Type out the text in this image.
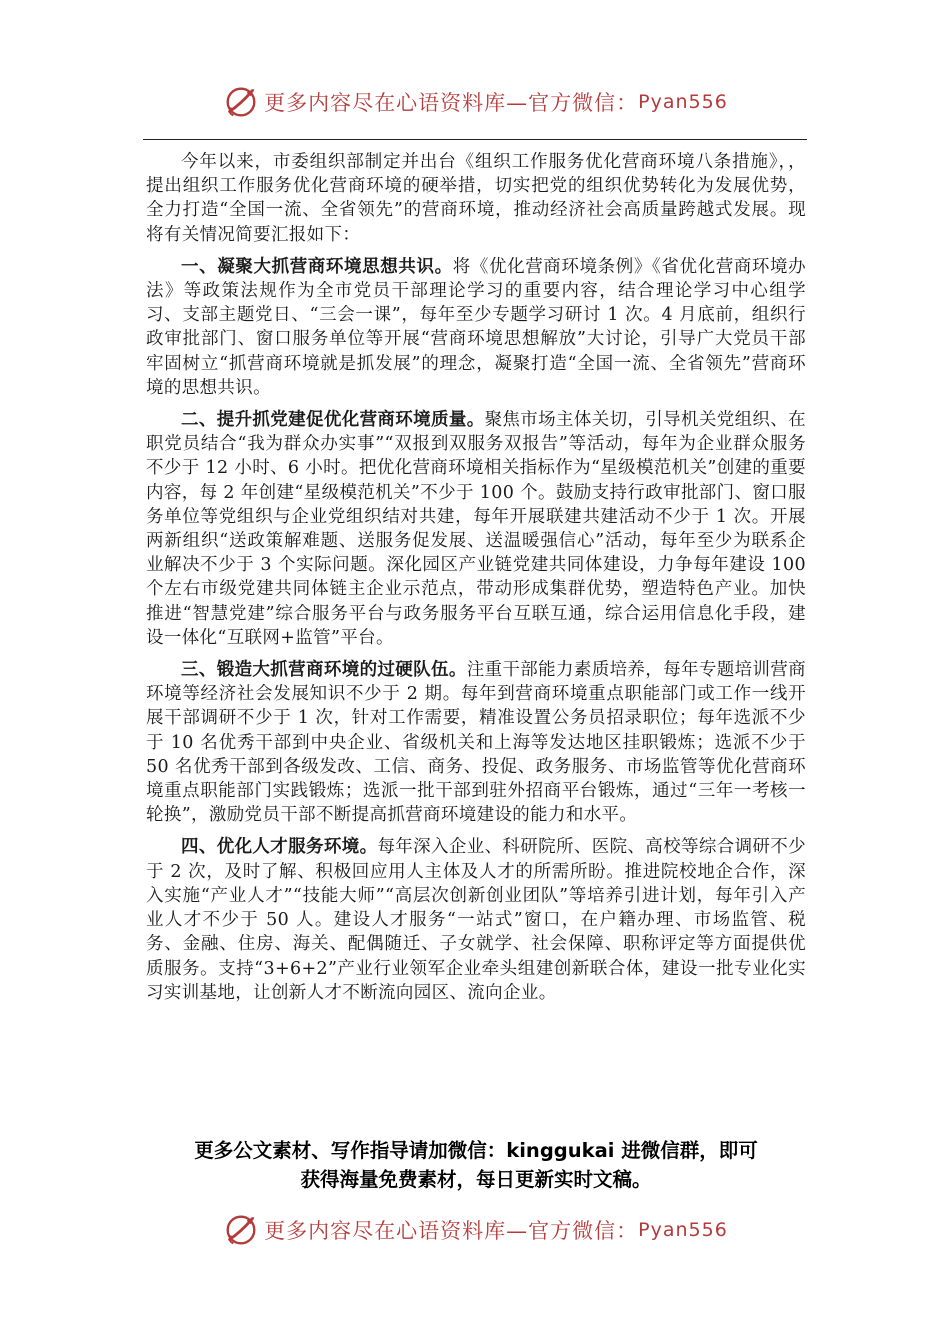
更多内容尽在心语资料库—官方微信： Pyan556

今年以来，市委组织部制定并出台《组织工作服务优化营商环境八条措施》，，提出组织工作服务优化营商环境的硬举措，切实把党的组织优势转化为发展优势，全力打造“全国一流、全省领先”的营商环境，推动经济社会高质量跨越式发展。现将有关情况简要汇报如下：

一、凝聚大抓营商环境思想共识。将《优化营商环境条例》《省优化营商环境办法》等政策法规作为全市党员干部理论学习的重要内容，结合理论学习中心组学习、支部主题党日、“三会一课”，每年至少专题学习研讨 1 次。4 月底前，组织行政审批部门、窗口服务单位等开展“营商环境思想解放”大讨论，引导广大党员干部牢固树立“抓营商环境就是抓发展”的理念，凝聚打造“全国一流、全省领先”营商环境的思想共识。

二、提升抓党建促优化营商环境质量。聚焦市场主体关切，引导机关党组织、在职党员结合“我为群众办实事”“双报到双服务双报告”等活动，每年为企业群众服务不少于 12 小时、6 小时。把优化营商环境相关指标作为“星级模范机关”创建的重要内容，每 2 年创建“星级模范机关”不少于 100 个。鼓励支持行政审批部门、窗口服务单位等党组织与企业党组织结对共建，每年开展联建共建活动不少于 1 次。开展两新组织“送政策解难题、送服务促发展、送温暖强信心”活动，每年至少为联系企业解决不少于 3 个实际问题。深化园区产业链党建共同体建设，力争每年建设 100 个左右市级党建共同体链主企业示范点，带动形成集群优势，塑造特色产业。加快推进“智慧党建”综合服务平台与政务服务平台互联互通，综合运用信息化手段，建设一体化“互联网+监管”平台。

三、锻造大抓营商环境的过硬队伍。注重干部能力素质培养，每年专题培训营商环境等经济社会发展知识不少于 2 期。每年到营商环境重点职能部门或工作一线开展干部调研不少于 1 次，针对工作需要，精准设置公务员招录职位；每年选派不少于 10 名优秀干部到中央企业、省级机关和上海等发达地区挂职锻炼；选派不少于 50 名优秀干部到各级发改、工信、商务、投促、政务服务、市场监管等优化营商环境重点职能部门实践锻炼；选派一批干部到驻外招商平台锻炼，通过“三年一考核一轮换”，激励党员干部不断提高抓营商环境建设的能力和水平。

四、优化人才服务环境。每年深入企业、科研院所、医院、高校等综合调研不少于 2 次，及时了解、积极回应用人主体及人才的所需所盼。推进院校地企合作，深入实施“产业人才”“技能大师”“高层次创新创业团队”等培养引进计划，每年引入产业人才不少于 50 人。建设人才服务“一站式”窗口，在户籍办理、市场监管、税务、金融、住房、海关、配偶随迁、子女就学、社会保障、职称评定等方面提供优质服务。支持“3+6+2”产业行业领军企业牵头组建创新联合体，建设一批专业化实习实训基地，让创新人才不断流向园区、流向企业。

更多公文素材、写作指导请加微信：kinggukai 进微信群，即可
获得海量免费素材，每日更新实时文稿。
更多内容尽在心语资料库—官方微信： Pyan556
